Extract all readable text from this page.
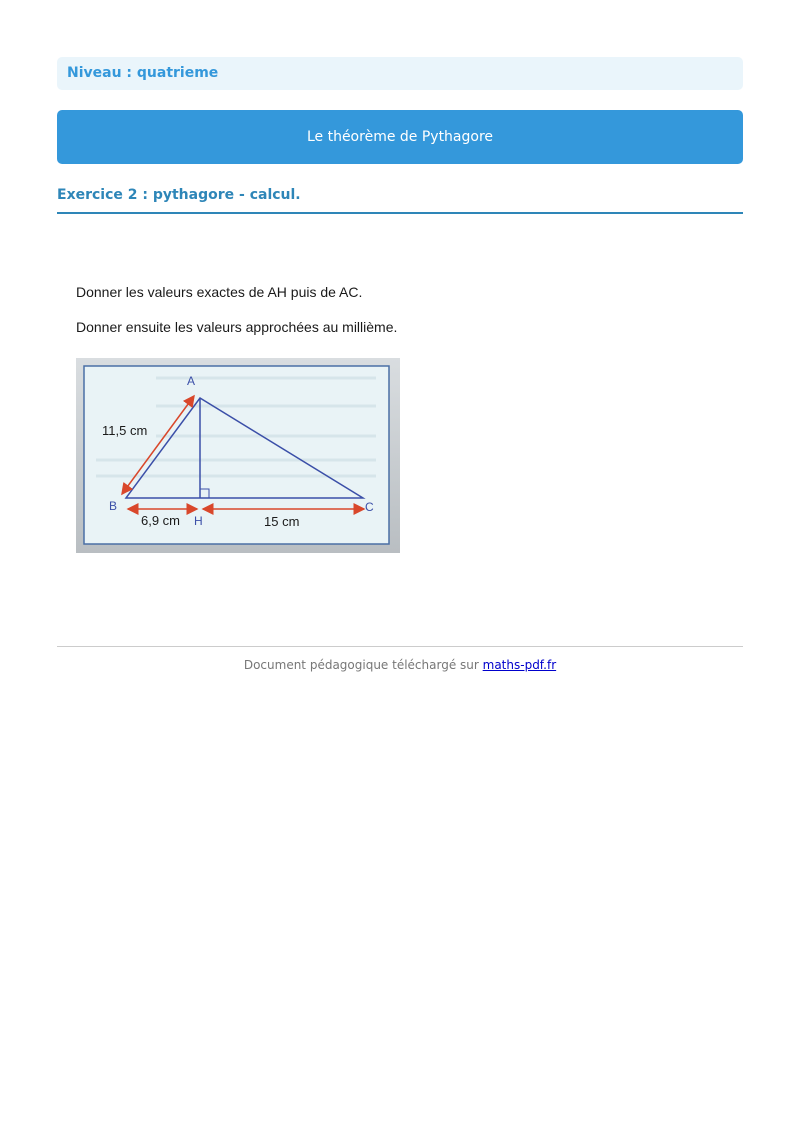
Niveau : quatrieme
Le théorème de Pythagore
Exercice 2 : pythagore - calcul.
Donner les valeurs exactes de AH puis de AC.
Donner ensuite les valeurs approchées au millième.
A
B	C
H
11,5 cm
6,9 cm	15 cm
Document pédagogique téléchargé sur maths-pdf.fr
